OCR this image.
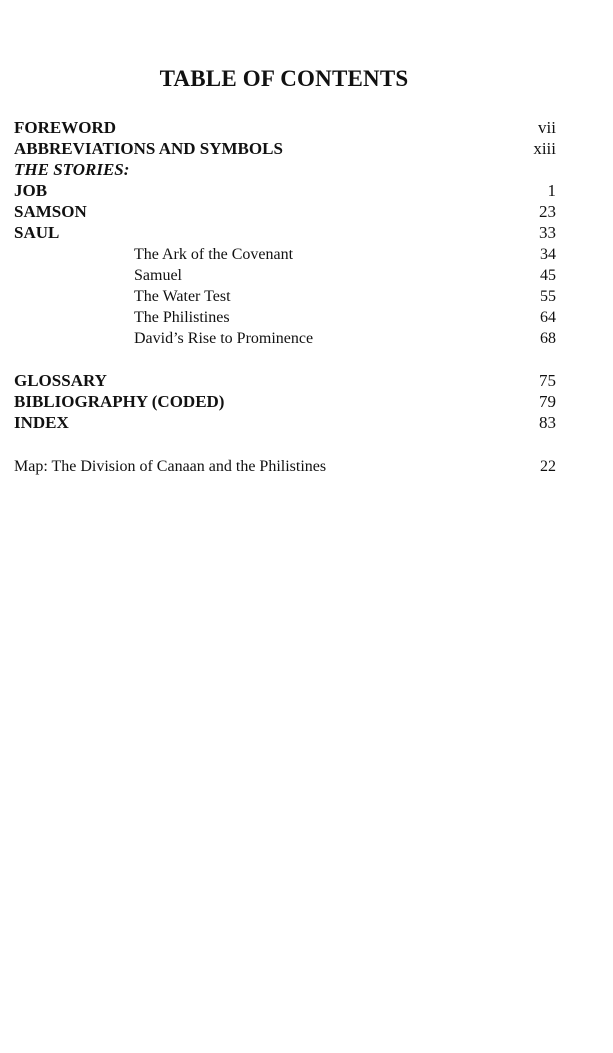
TABLE OF CONTENTS
FOREWORD	vii
ABBREVIATIONS AND SYMBOLS	xiii
THE STORIES:
JOB	1
SAMSON	23
SAUL	33
The Ark of the Covenant	34
Samuel	45
The Water Test	55
The Philistines	64
David’s Rise to Prominence	68
GLOSSARY	75
BIBLIOGRAPHY (CODED)	79
INDEX	83
Map: The Division of Canaan and the Philistines	22
